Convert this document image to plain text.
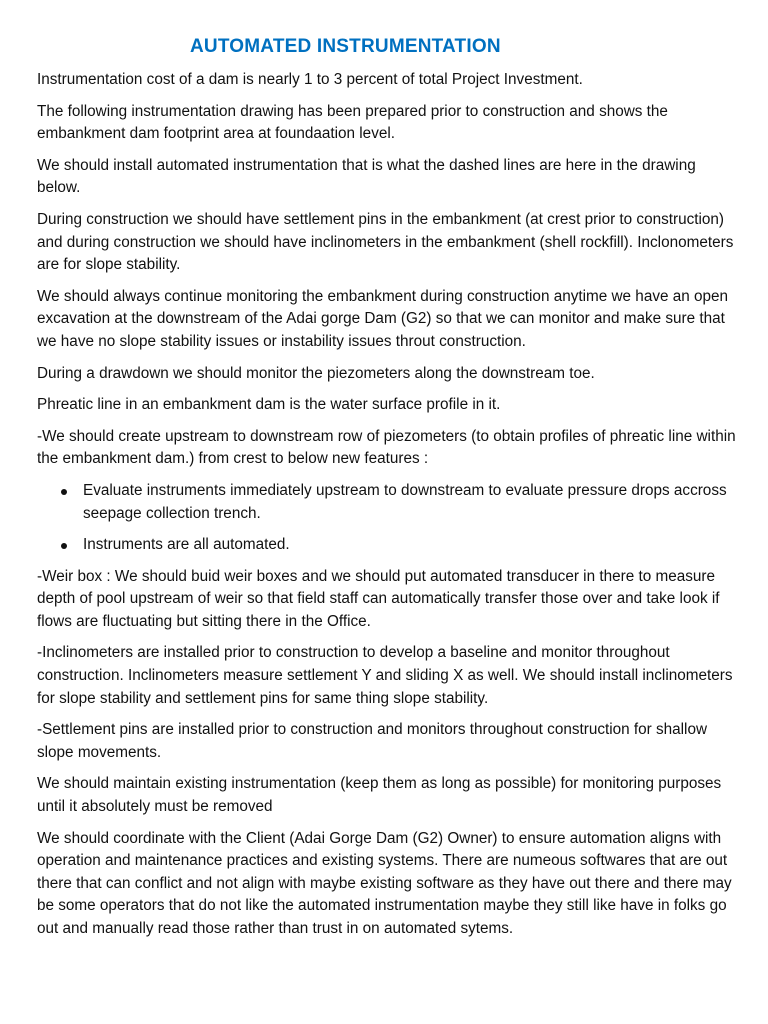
AUTOMATED INSTRUMENTATION

Instrumentation cost of a dam is nearly 1 to 3 percent of total Project Investment.

The following instrumentation drawing has been prepared prior to construction and shows the embankment dam footprint area at foundaation level.

We should install automated instrumentation that is what the dashed lines are here in the drawing below.

During construction we should have settlement pins in the embankment (at crest prior to construction) and during construction we should have inclinometers in the embankment (shell rockfill). Inclonometers are for slope stability.

We should always continue monitoring the embankment during construction anytime we have an open excavation at the downstream of the Adai gorge Dam (G2) so that we can monitor and make sure that we have no slope stability issues or instability issues throut construction.

During a drawdown we should monitor the piezometers along the downstream toe.

Phreatic line in an embankment dam is the water surface profile in it.

-We should create upstream to downstream row of piezometers (to obtain profiles of phreatic line within the embankment dam.) from crest to below new features :

Evaluate instruments immediately upstream to downstream to evaluate pressure drops accross seepage collection trench.
Instruments are all automated.

-Weir box : We should buid weir boxes and we should put automated transducer in there to measure depth of pool upstream of weir so that field staff can automatically transfer those over and take look if flows are fluctuating but sitting there in the Office.

-Inclinometers are installed prior to construction to develop a baseline and monitor throughout construction. Inclinometers measure settlement Y and sliding X as well. We should install inclinometers for slope stability and settlement pins for same thing slope stability.

-Settlement pins are installed prior to construction and monitors throughout construction for shallow slope movements.

We should maintain existing instrumentation (keep them as long as possible) for monitoring purposes until it absolutely must be removed

We should coordinate with the Client (Adai Gorge Dam (G2) Owner) to ensure automation aligns with operation and maintenance practices and existing systems. There are numeous softwares that are out there that can conflict and not align with maybe existing software as they have out there and there may be some operators that do not like the automated instrumentation maybe they still like have in folks go out and manually read those rather than trust in on automated sytems.
